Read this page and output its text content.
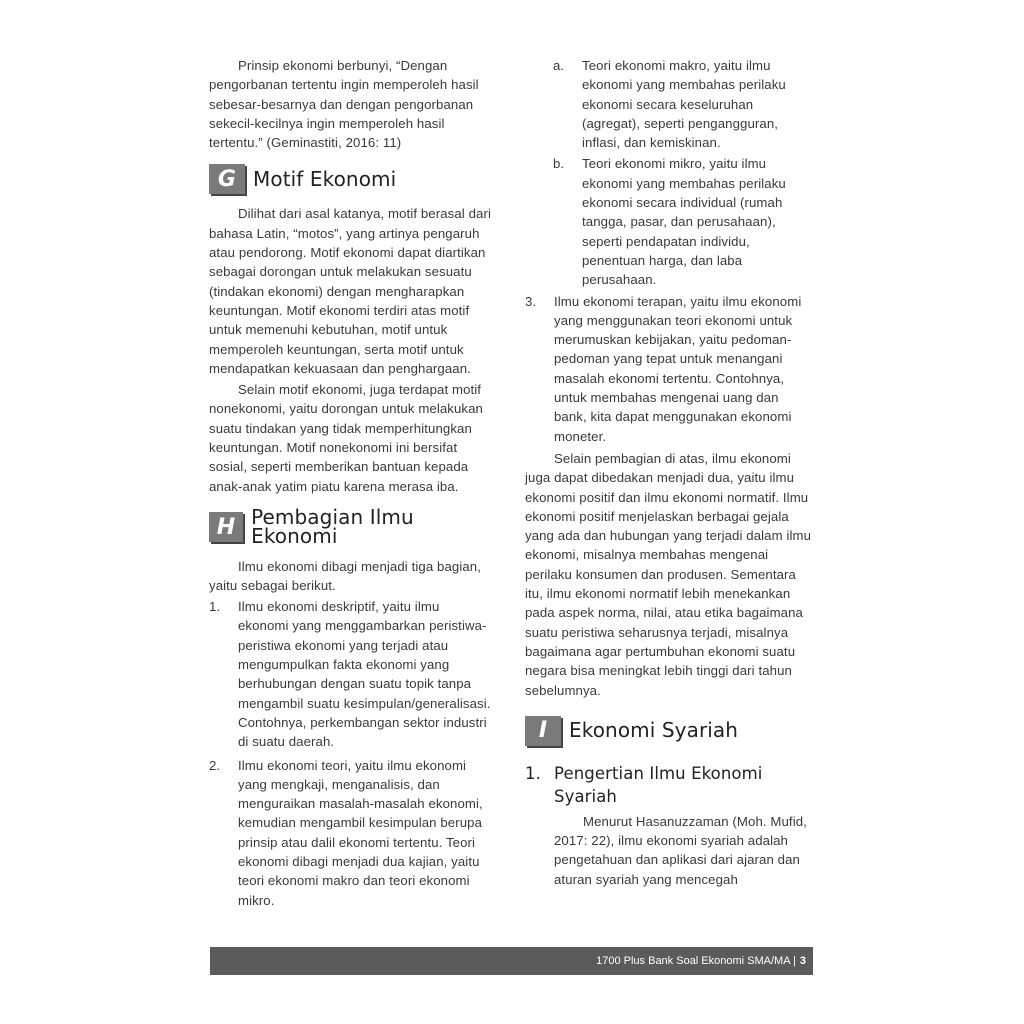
Prinsip ekonomi berbunyi, “Dengan pengorbanan tertentu ingin memperoleh hasil sebesar-besarnya dan dengan pengorbanan sekecil-kecilnya ingin memperoleh hasil tertentu.” (Geminastiti, 2016: 11)

G Motif Ekonomi

Dilihat dari asal katanya, motif berasal dari bahasa Latin, “motos”, yang artinya pengaruh atau pendorong. Motif ekonomi dapat diartikan sebagai dorongan untuk melakukan sesuatu (tindakan ekonomi) dengan mengharapkan keuntungan. Motif ekonomi terdiri atas motif untuk memenuhi kebutuhan, motif untuk memperoleh keuntungan, serta motif untuk mendapatkan kekuasaan dan penghargaan.

Selain motif ekonomi, juga terdapat motif nonekonomi, yaitu dorongan untuk melakukan suatu tindakan yang tidak memperhitungkan keuntungan. Motif nonekonomi ini bersifat sosial, seperti memberikan bantuan kepada anak-anak yatim piatu karena merasa iba.

H Pembagian Ilmu Ekonomi

Ilmu ekonomi dibagi menjadi tiga bagian, yaitu sebagai berikut.

1.	Ilmu ekonomi deskriptif, yaitu ilmu ekonomi yang menggambarkan peristiwa-peristiwa ekonomi yang terjadi atau mengumpulkan fakta ekonomi yang berhubungan dengan suatu topik tanpa mengambil suatu kesimpulan/generalisasi. Contohnya, perkembangan sektor industri di suatu daerah.
2.	Ilmu ekonomi teori, yaitu ilmu ekonomi yang mengkaji, menganalisis, dan menguraikan masalah-masalah ekonomi, kemudian mengambil kesimpulan berupa prinsip atau dalil ekonomi tertentu. Teori ekonomi dibagi menjadi dua kajian, yaitu teori ekonomi makro dan teori ekonomi mikro.
a.	Teori ekonomi makro, yaitu ilmu ekonomi yang membahas perilaku ekonomi secara keseluruhan (agregat), seperti pengangguran, inflasi, dan kemiskinan.
b.	Teori ekonomi mikro, yaitu ilmu ekonomi yang membahas perilaku ekonomi secara individual (rumah tangga, pasar, dan perusahaan), seperti pendapatan individu, penentuan harga, dan laba perusahaan.
3.	Ilmu ekonomi terapan, yaitu ilmu ekonomi yang menggunakan teori ekonomi untuk merumuskan kebijakan, yaitu pedoman-pedoman yang tepat untuk menangani masalah ekonomi tertentu. Contohnya, untuk membahas mengenai uang dan bank, kita dapat menggunakan ekonomi moneter.

Selain pembagian di atas, ilmu ekonomi juga dapat dibedakan menjadi dua, yaitu ilmu ekonomi positif dan ilmu ekonomi normatif. Ilmu ekonomi positif menjelaskan berbagai gejala yang ada dan hubungan yang terjadi dalam ilmu ekonomi, misalnya membahas mengenai perilaku konsumen dan produsen. Sementara itu, ilmu ekonomi normatif lebih menekankan pada aspek norma, nilai, atau etika bagaimana suatu peristiwa seharusnya terjadi, misalnya bagaimana agar pertumbuhan ekonomi suatu negara bisa meningkat lebih tinggi dari tahun sebelumnya.

I	Ekonomi Syariah
1. Pengertian Ilmu Ekonomi Syariah

Menurut Hasanuzzaman (Moh. Mufid, 2017: 22), ilmu ekonomi syariah adalah pengetahuan dan aplikasi dari ajaran dan aturan syariah yang mencegah

1700 Plus Bank Soal Ekonomi SMA/MA | 3
